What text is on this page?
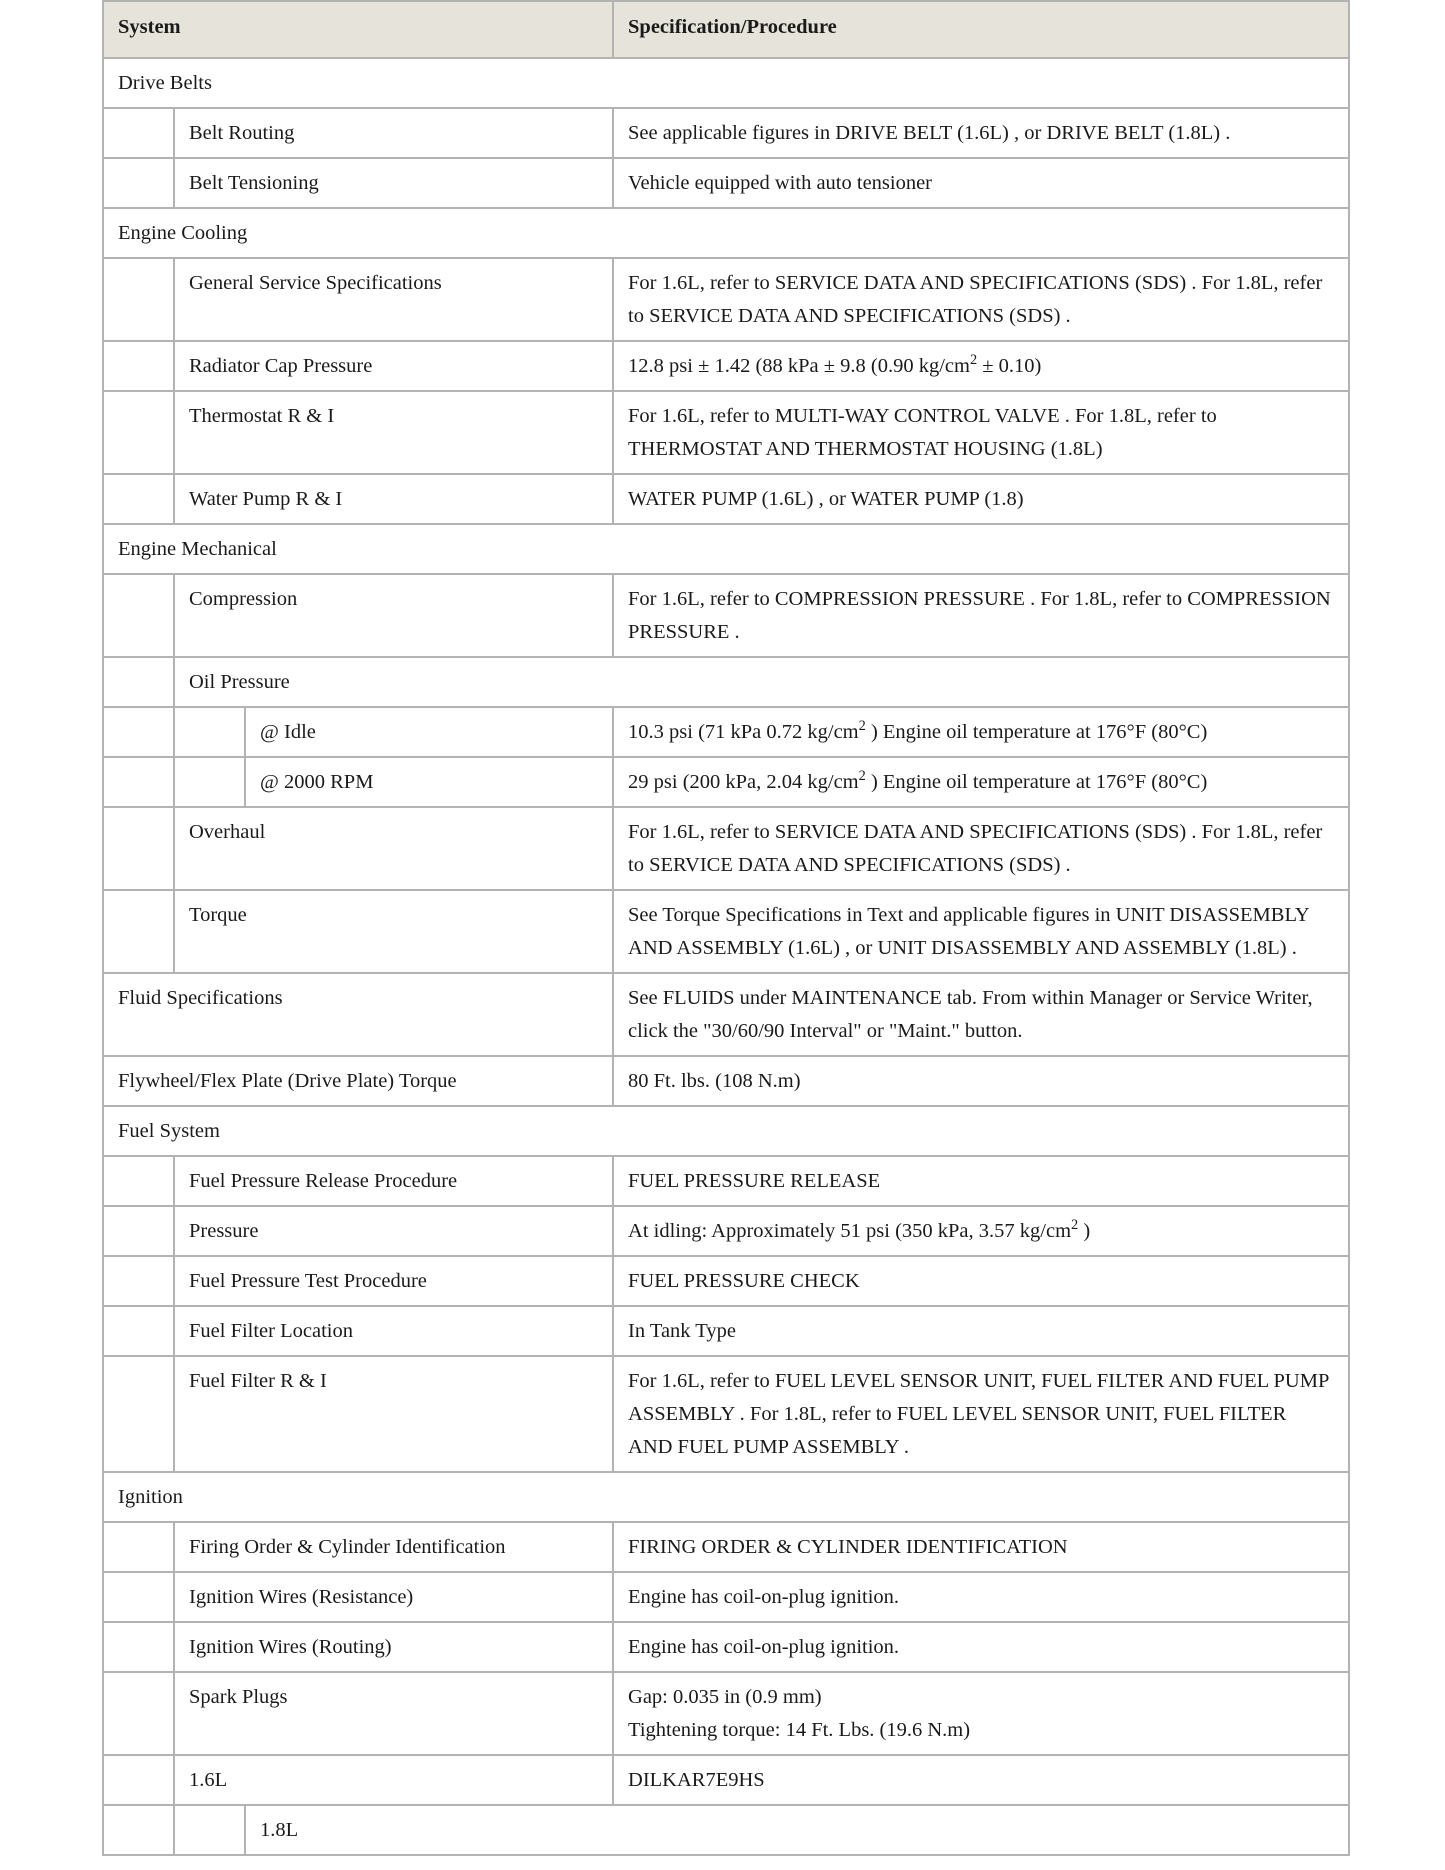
System			Specification/Procedure
Drive Belts			
	Belt Routing		See applicable figures in DRIVE BELT (1.6L) , or DRIVE BELT (1.8L) .
	Belt Tensioning		Vehicle equipped with auto tensioner
Engine Cooling			
	General Service Specifications		For 1.6L, refer to SERVICE DATA AND SPECIFICATIONS (SDS) . For 1.8L, refer to SERVICE DATA AND SPECIFICATIONS (SDS) .
	Radiator Cap Pressure		12.8 psi ± 1.42 (88 kPa ± 9.8 (0.90 $kg/cm^2 \pm 0.10$)
	Thermostat R & I		For 1.6L, refer to MULTI-WAY CONTROL VALVE . For 1.8L, refer to THERMOSTAT AND THERMOSTAT HOUSING (1.8L)
	Water Pump R & I		WATER PUMP (1.6L) , or WATER PUMP (1.8)
Engine Mechanical			
	Compression		For 1.6L, refer to COMPRESSION PRESSURE . For 1.8L, refer to COMPRESSION PRESSURE .
	Oil Pressure		
		@ Idle	10.3 psi (71 kPa 0.72 $kg/cm^2$ ) Engine oil temperature at 176°F (80°C)
		@ 2000 RPM	29 psi (200 kPa, 2.04 $kg/cm^2$ ) Engine oil temperature at 176°F (80°C)
	Overhaul		For 1.6L, refer to SERVICE DATA AND SPECIFICATIONS (SDS) . For 1.8L, refer to SERVICE DATA AND SPECIFICATIONS (SDS) .
	Torque		See Torque Specifications in Text and applicable figures in UNIT DISASSEMBLY AND ASSEMBLY (1.6L) , or UNIT DISASSEMBLY AND ASSEMBLY (1.8L) .
Fluid Specifications			See FLUIDS under MAINTENANCE tab. From within Manager or Service Writer, click the "30/60/90 Interval" or "Maint." button.
Flywheel/Flex Plate (Drive Plate) Torque			80 Ft. lbs. (108 N.m)
Fuel System			
	Fuel Pressure Release Procedure		FUEL PRESSURE RELEASE
	Pressure		At idling: Approximately 51 psi (350 kPa, 3.57 $kg/cm^2$ )
	Fuel Pressure Test Procedure		FUEL PRESSURE CHECK
	Fuel Filter Location		In Tank Type
	Fuel Filter R & I		For 1.6L, refer to FUEL LEVEL SENSOR UNIT, FUEL FILTER AND FUEL PUMP ASSEMBLY . For 1.8L, refer to FUEL LEVEL SENSOR UNIT, FUEL FILTER AND FUEL PUMP ASSEMBLY .
Ignition			
	Firing Order & Cylinder Identification		FIRING ORDER & CYLINDER IDENTIFICATION
	Ignition Wires (Resistance)		Engine has coil-on-plug ignition.
	Ignition Wires (Routing)		Engine has coil-on-plug ignition.
	Spark Plugs		Gap: 0.035 in (0.9 mm)
Tightening torque: 14 Ft. Lbs. (19.6 N.m)
	1.6L		DILKAR7E9HS
		1.8L	
